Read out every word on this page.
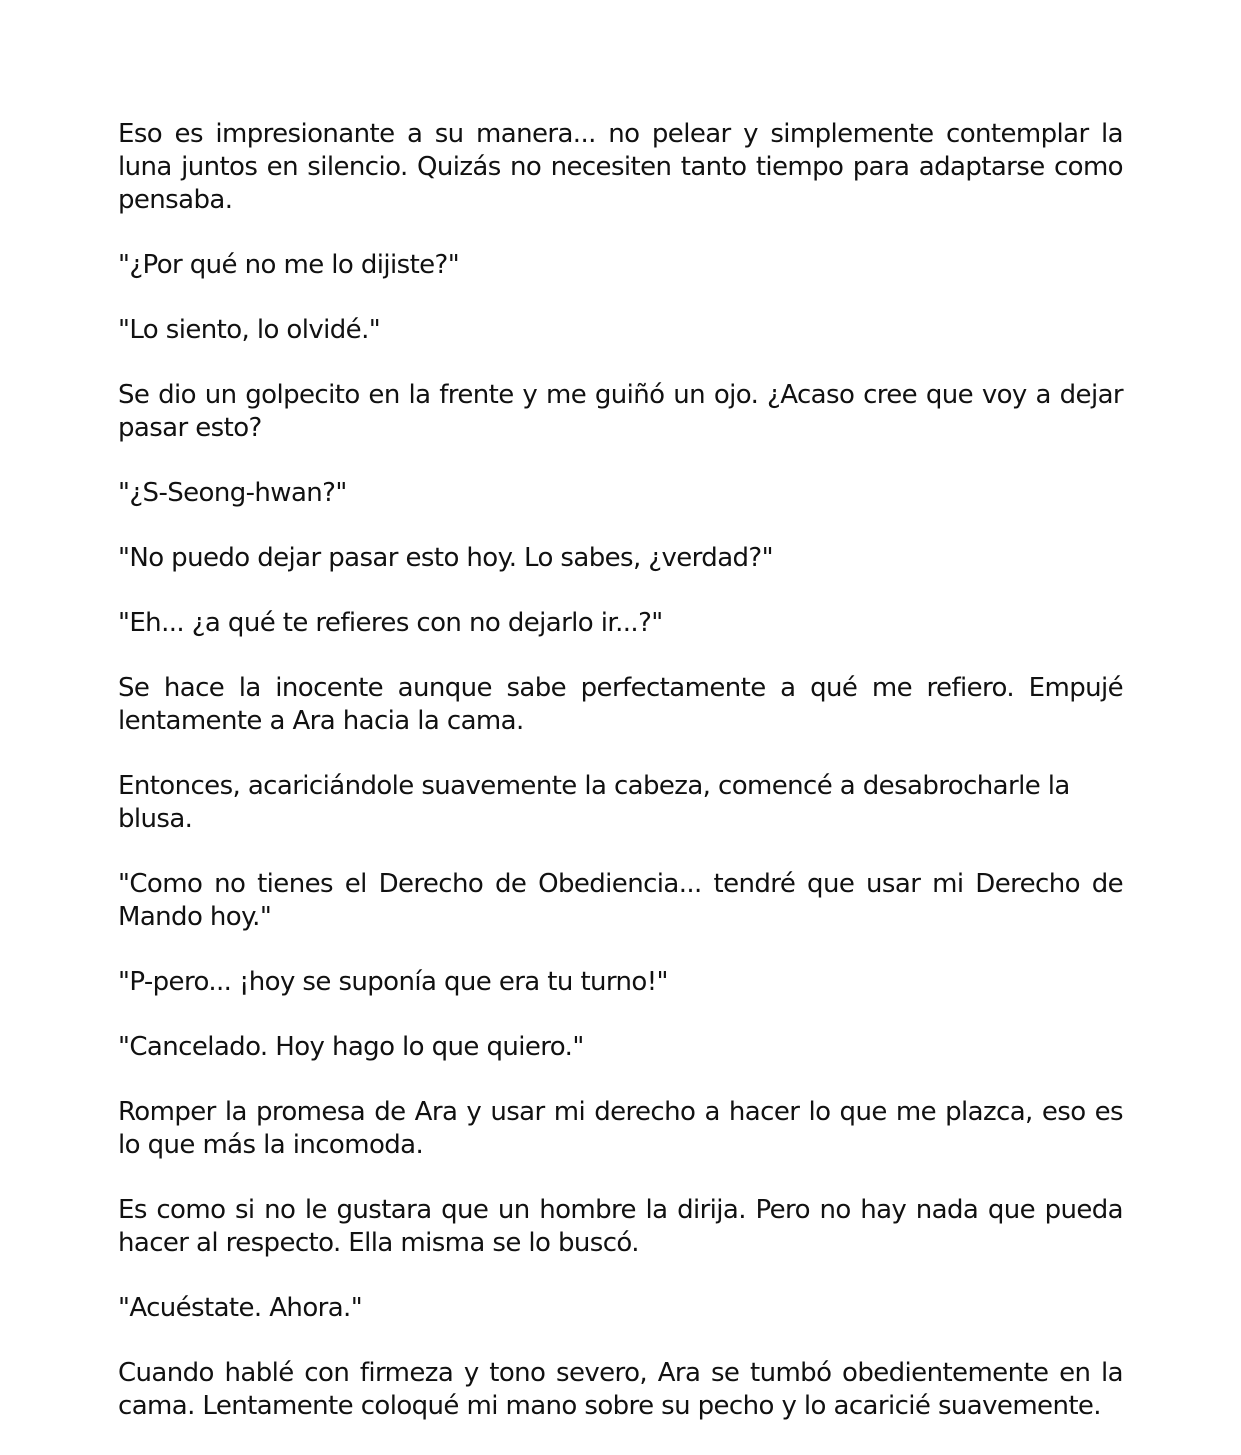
Eso es impresionante a su manera... no pelear y simplemente contemplar la luna juntos en silencio. Quizás no necesiten tanto tiempo para adaptarse como pensaba.

"¿Por qué no me lo dijiste?"

"Lo siento, lo olvidé."

Se dio un golpecito en la frente y me guiñó un ojo. ¿Acaso cree que voy a dejar pasar esto?

"¿S-Seong-hwan?"

"No puedo dejar pasar esto hoy. Lo sabes, ¿verdad?"

"Eh... ¿a qué te refieres con no dejarlo ir...?"

Se hace la inocente aunque sabe perfectamente a qué me refiero. Empujé lentamente a Ara hacia la cama.

Entonces, acariciándole suavemente la cabeza, comencé a desabrocharle la blusa.

"Como no tienes el Derecho de Obediencia... tendré que usar mi Derecho de Mando hoy."

"P-pero... ¡hoy se suponía que era tu turno!"

"Cancelado. Hoy hago lo que quiero."

Romper la promesa de Ara y usar mi derecho a hacer lo que me plazca, eso es lo que más la incomoda.

Es como si no le gustara que un hombre la dirija. Pero no hay nada que pueda hacer al respecto. Ella misma se lo buscó.

"Acuéstate. Ahora."

Cuando hablé con firmeza y tono severo, Ara se tumbó obedientemente en la cama. Lentamente coloqué mi mano sobre su pecho y lo acaricié suavemente.
